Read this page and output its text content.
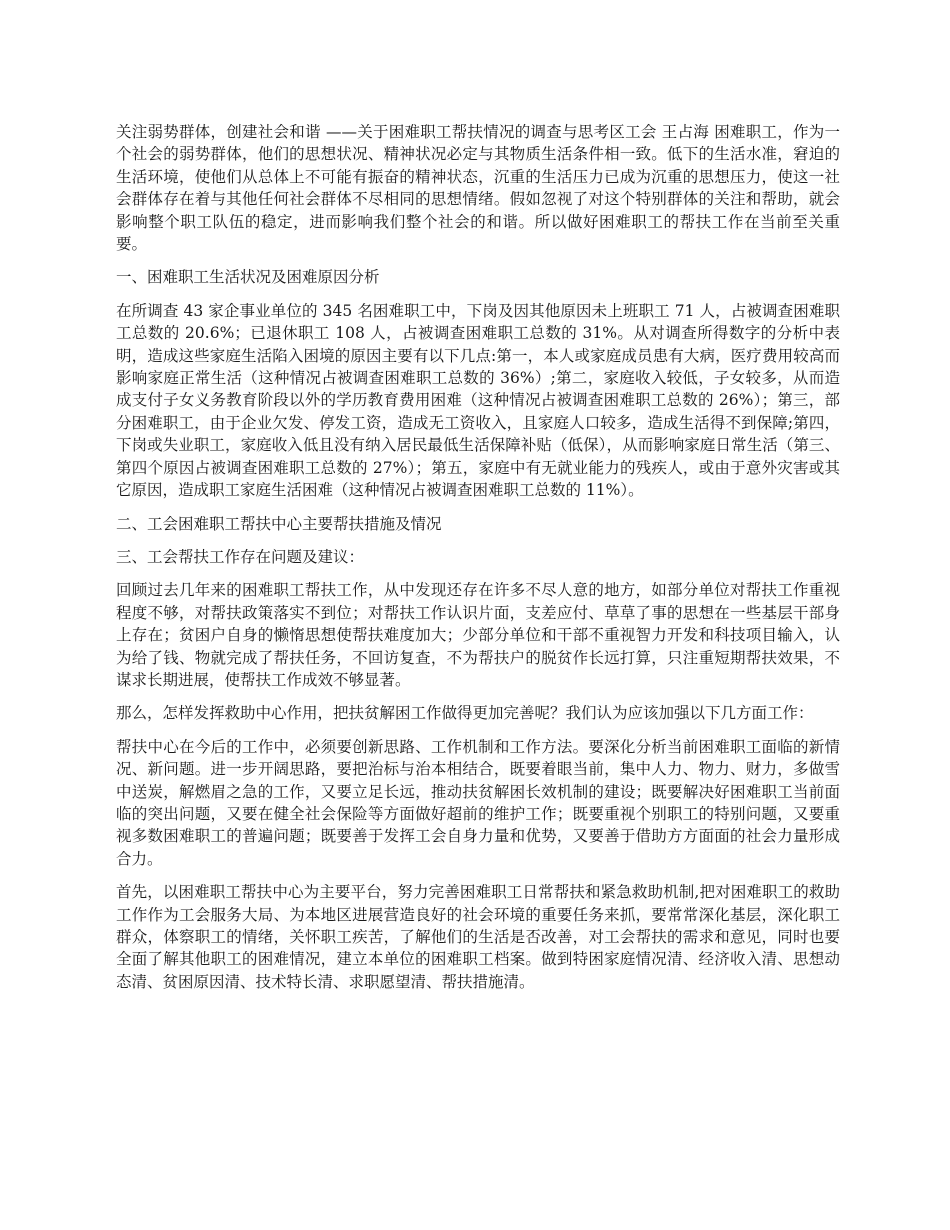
关注弱势群体，创建社会和谐 ——关于困难职工帮扶情况的调查与思考区工会 王占海 困难职工，作为一个社会的弱势群体，他们的思想状况、精神状况必定与其物质生活条件相一致。低下的生活水准，窘迫的生活环境，使他们从总体上不可能有振奋的精神状态，沉重的生活压力已成为沉重的思想压力，使这一社会群体存在着与其他任何社会群体不尽相同的思想情绪。假如忽视了对这个特别群体的关注和帮助，就会影响整个职工队伍的稳定，进而影响我们整个社会的和谐。所以做好困难职工的帮扶工作在当前至关重要。

一、困难职工生活状况及困难原因分析

在所调查 43 家企事业单位的 345 名困难职工中，下岗及因其他原因未上班职工 71 人，占被调查困难职工总数的 20.6%；已退休职工 108 人，占被调查困难职工总数的 31%。从对调查所得数字的分析中表明，造成这些家庭生活陷入困境的原因主要有以下几点:第一，本人或家庭成员患有大病，医疗费用较高而影响家庭正常生活（这种情况占被调查困难职工总数的 36%）;第二，家庭收入较低，子女较多，从而造成支付子女义务教育阶段以外的学历教育费用困难（这种情况占被调查困难职工总数的 26%）；第三，部分困难职工，由于企业欠发、停发工资，造成无工资收入，且家庭人口较多，造成生活得不到保障;第四，下岗或失业职工，家庭收入低且没有纳入居民最低生活保障补贴（低保），从而影响家庭日常生活（第三、第四个原因占被调查困难职工总数的 27%）；第五，家庭中有无就业能力的残疾人，或由于意外灾害或其它原因，造成职工家庭生活困难（这种情况占被调查困难职工总数的 11%）。

二、工会困难职工帮扶中心主要帮扶措施及情况

三、工会帮扶工作存在问题及建议：

回顾过去几年来的困难职工帮扶工作，从中发现还存在许多不尽人意的地方，如部分单位对帮扶工作重视程度不够，对帮扶政策落实不到位；对帮扶工作认识片面，支差应付、草草了事的思想在一些基层干部身上存在；贫困户自身的懒惰思想使帮扶难度加大；少部分单位和干部不重视智力开发和科技项目输入，认为给了钱、物就完成了帮扶任务，不回访复查，不为帮扶户的脱贫作长远打算，只注重短期帮扶效果，不谋求长期进展，使帮扶工作成效不够显著。

那么，怎样发挥救助中心作用，把扶贫解困工作做得更加完善呢？我们认为应该加强以下几方面工作：

帮扶中心在今后的工作中，必须要创新思路、工作机制和工作方法。要深化分析当前困难职工面临的新情况、新问题。进一步开阔思路，要把治标与治本相结合，既要着眼当前，集中人力、物力、财力，多做雪中送炭，解燃眉之急的工作，又要立足长远，推动扶贫解困长效机制的建设；既要解决好困难职工当前面临的突出问题，又要在健全社会保险等方面做好超前的维护工作；既要重视个别职工的特别问题，又要重视多数困难职工的普遍问题；既要善于发挥工会自身力量和优势，又要善于借助方方面面的社会力量形成合力。

首先，以困难职工帮扶中心为主要平台，努力完善困难职工日常帮扶和紧急救助机制,把对困难职工的救助工作作为工会服务大局、为本地区进展营造良好的社会环境的重要任务来抓，要常常深化基层，深化职工群众，体察职工的情绪，关怀职工疾苦，了解他们的生活是否改善，对工会帮扶的需求和意见，同时也要全面了解其他职工的困难情况，建立本单位的困难职工档案。做到特困家庭情况清、经济收入清、思想动态清、贫困原因清、技术特长清、求职愿望清、帮扶措施清。
